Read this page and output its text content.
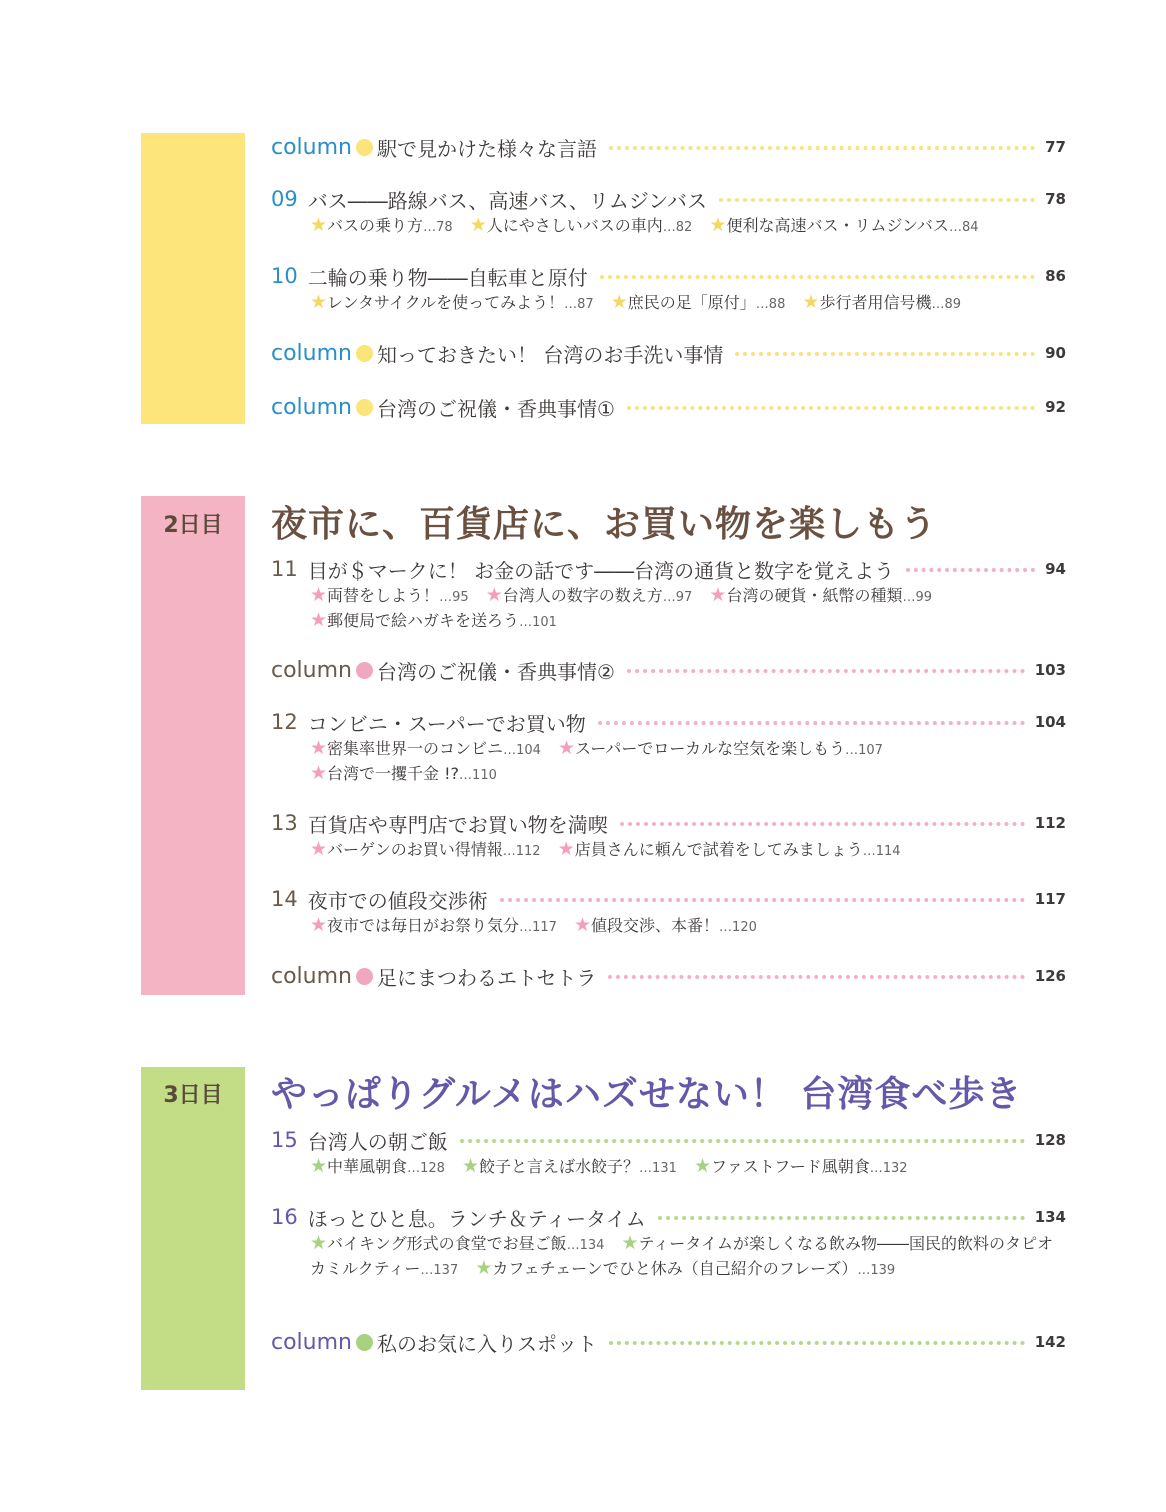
column 駅で見かけた様々な言語	77
09 バス――路線バス、高速バス、リムジンバス	78
★バスの乗り方…78 ★人にやさしいバスの車内…82 ★便利な高速バス・リムジンバス…84
10 二輪の乗り物――自転車と原付	86
★レンタサイクルを使ってみよう！…87 ★庶民の足「原付」…88 ★歩行者用信号機…89
column 知っておきたい！ 台湾のお手洗い事情	90
column 台湾のご祝儀・香典事情①	92
2日目	夜市に、百貨店に、お買い物を楽しもう
11 目が＄マークに！ お金の話です――台湾の通貨と数字を覚えよう	94
★両替をしよう！…95 ★台湾人の数字の数え方…97 ★台湾の硬貨・紙幣の種類…99
★郵便局で絵ハガキを送ろう…101
column 台湾のご祝儀・香典事情②	103
12 コンビニ・スーパーでお買い物	104
★密集率世界一のコンビニ…104 ★スーパーでローカルな空気を楽しもう…107
★台湾で一攫千金 !?…110
13 百貨店や専門店でお買い物を満喫	112
★バーゲンのお買い得情報…112 ★店員さんに頼んで試着をしてみましょう…114
14 夜市での値段交渉術	117
★夜市では毎日がお祭り気分…117 ★値段交渉、本番！…120
column 足にまつわるエトセトラ	126
3日目	やっぱりグルメはハズせない！ 台湾食べ歩き
15 台湾人の朝ご飯	128
★中華風朝食…128 ★餃子と言えば水餃子？…131 ★ファストフード風朝食…132
16 ほっとひと息。ランチ＆ティータイム	134
★バイキング形式の食堂でお昼ご飯…134 ★ティータイムが楽しくなる飲み物――国民的飲料のタピオカミルクティー…137 ★カフェチェーンでひと休み（自己紹介のフレーズ）…139
column 私のお気に入りスポット	142
